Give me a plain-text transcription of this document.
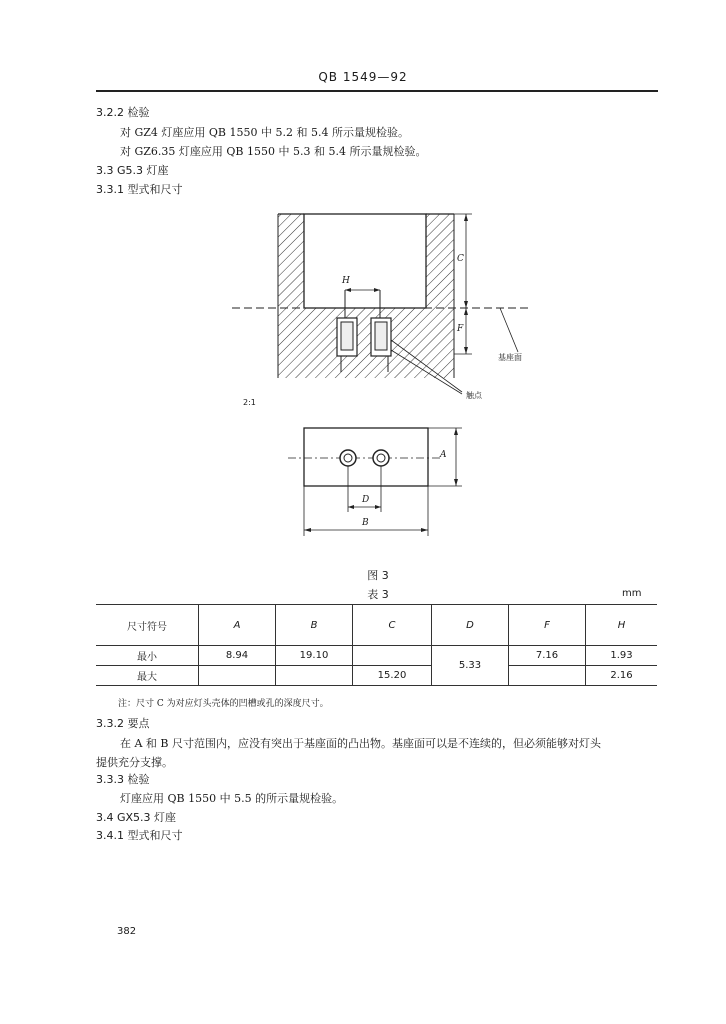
QB 1549—92
3.2.2 检验
对 GZ4 灯座应用 QB 1550 中 5.2 和 5.4 所示量规检验。
对 GZ6.35 灯座应用 QB 1550 中 5.3 和 5.4 所示量规检验。
3.3 G5.3 灯座
3.3.1 型式和尺寸
H
C
F
基座面
触点
2:1
A
D
B
图 3
表 3	mm
尺寸符号	A	B	C	D	F	H
最小	8.94	19.10		5.33	7.16	1.93
最大			15.20			2.16
注：尺寸 C 为对应灯头壳体的凹槽或孔的深度尺寸。
3.3.2 要点
在 A 和 B 尺寸范围内，应没有突出于基座面的凸出物。基座面可以是不连续的，但必须能够对灯头
提供充分支撑。
3.3.3 检验
灯座应用 QB 1550 中 5.5 的所示量规检验。
3.4 GX5.3 灯座
3.4.1 型式和尺寸
382
